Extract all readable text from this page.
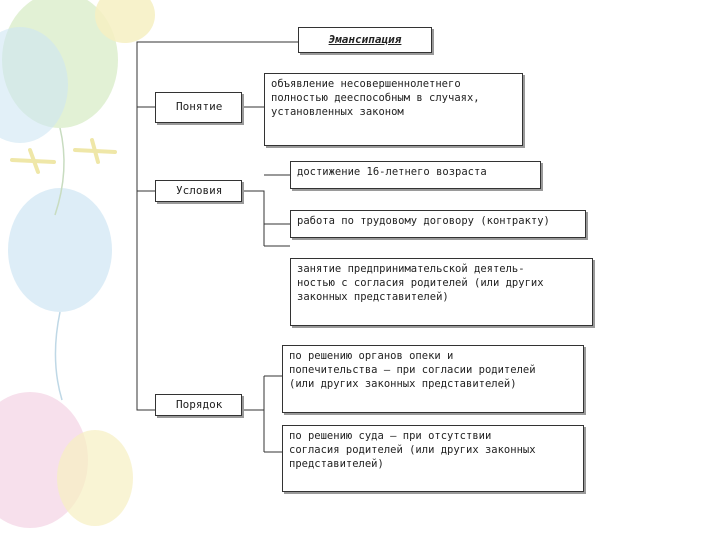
Эмансипация
Понятие
Условия
Порядок
объявление несовершеннолетнего
полностью дееспособным в случаях,
установленных законом
достижение 16-летнего возраста
работа по трудовому договору (контракту)
занятие предпринимательской деятель-
ностью с согласия родителей (или других
законных представителей)
по решению органов опеки и
попечительства – при согласии родителей
(или других законных представителей)
по решению суда – при отсутствии
согласия родителей (или других законных
представителей)
